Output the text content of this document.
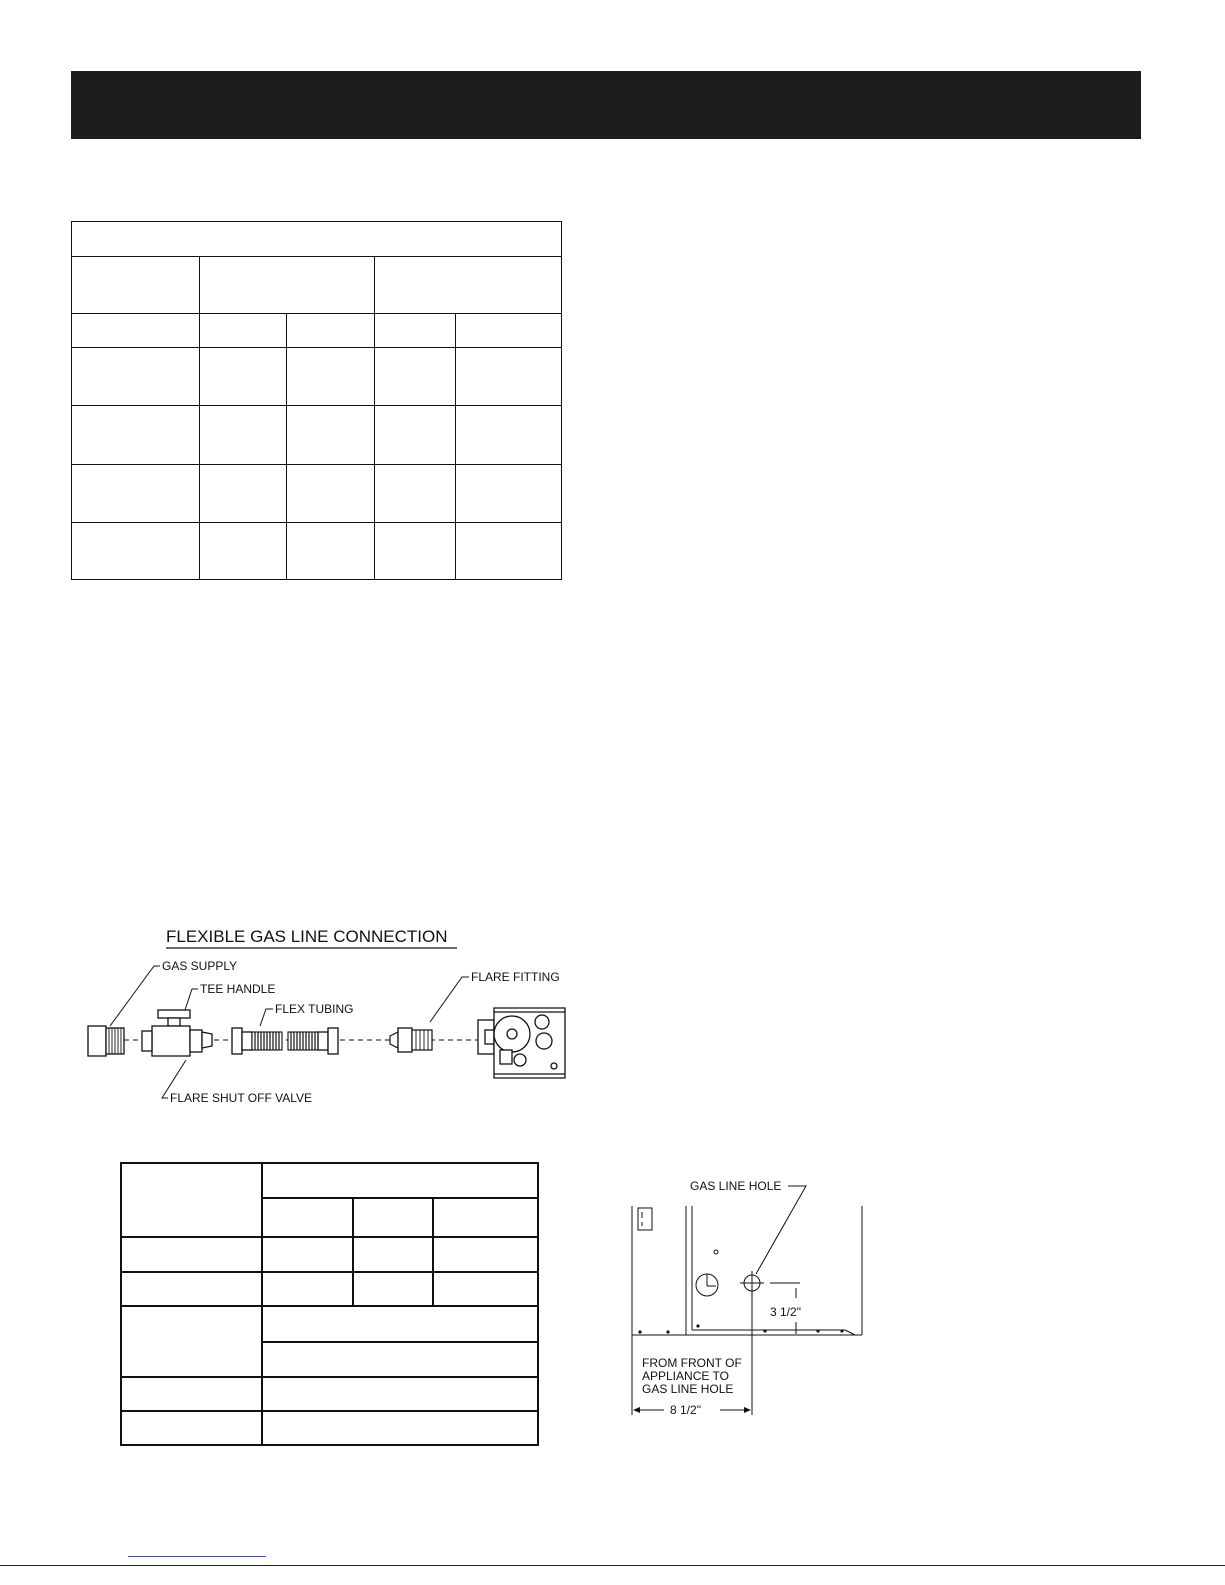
FLEXIBLE GAS LINE CONNECTION
GAS SUPPLY
TEE HANDLE
FLEX TUBING
FLARE FITTING
FLARE SHUT OFF VALVE

GAS LINE HOLE
3 1/2"
FROM FRONT OF
APPLIANCE TO
GAS LINE HOLE
8 1/2"
